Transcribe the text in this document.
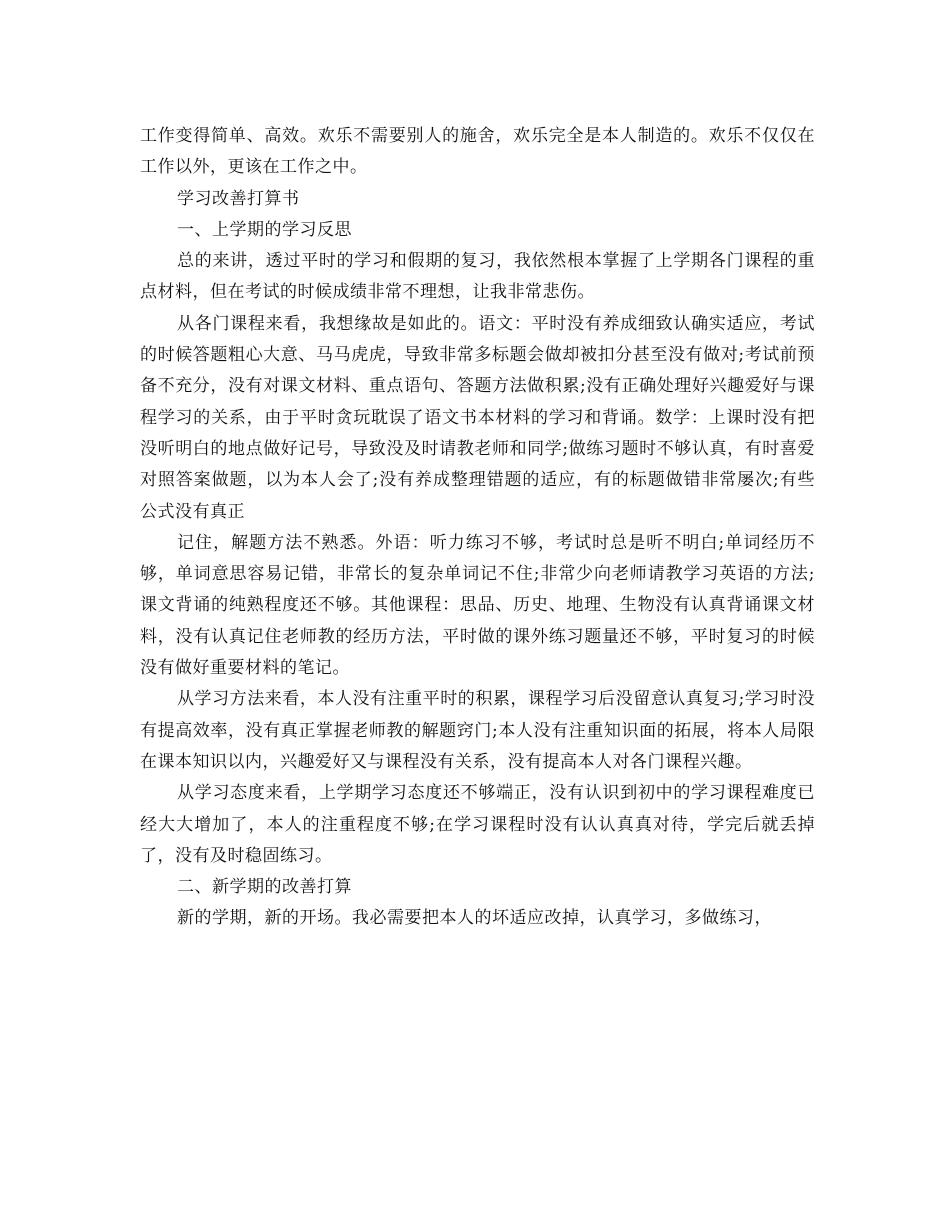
工作变得简单、高效。欢乐不需要别人的施舍，欢乐完全是本人制造的。欢乐不仅仅在工作以外，更该在工作之中。

学习改善打算书

一、上学期的学习反思

总的来讲，透过平时的学习和假期的复习，我依然根本掌握了上学期各门课程的重点材料，但在考试的时候成绩非常不理想，让我非常悲伤。

从各门课程来看，我想缘故是如此的。语文：平时没有养成细致认确实适应，考试的时候答题粗心大意、马马虎虎，导致非常多标题会做却被扣分甚至没有做对;考试前预备不充分，没有对课文材料、重点语句、答题方法做积累;没有正确处理好兴趣爱好与课程学习的关系，由于平时贪玩耽误了语文书本材料的学习和背诵。数学：上课时没有把没听明白的地点做好记号，导致没及时请教老师和同学;做练习题时不够认真，有时喜爱对照答案做题，以为本人会了;没有养成整理错题的适应，有的标题做错非常屡次;有些公式没有真正

记住，解题方法不熟悉。外语：听力练习不够，考试时总是听不明白;单词经历不够，单词意思容易记错，非常长的复杂单词记不住;非常少向老师请教学习英语的方法;课文背诵的纯熟程度还不够。其他课程：思品、历史、地理、生物没有认真背诵课文材料，没有认真记住老师教的经历方法，平时做的课外练习题量还不够，平时复习的时候没有做好重要材料的笔记。

从学习方法来看，本人没有注重平时的积累，课程学习后没留意认真复习;学习时没有提高效率，没有真正掌握老师教的解题窍门;本人没有注重知识面的拓展，将本人局限在课本知识以内，兴趣爱好又与课程没有关系，没有提高本人对各门课程兴趣。

从学习态度来看，上学期学习态度还不够端正，没有认识到初中的学习课程难度已经大大增加了，本人的注重程度不够;在学习课程时没有认认真真对待，学完后就丢掉了，没有及时稳固练习。

二、新学期的改善打算

新的学期，新的开场。我必需要把本人的坏适应改掉，认真学习，多做练习，
